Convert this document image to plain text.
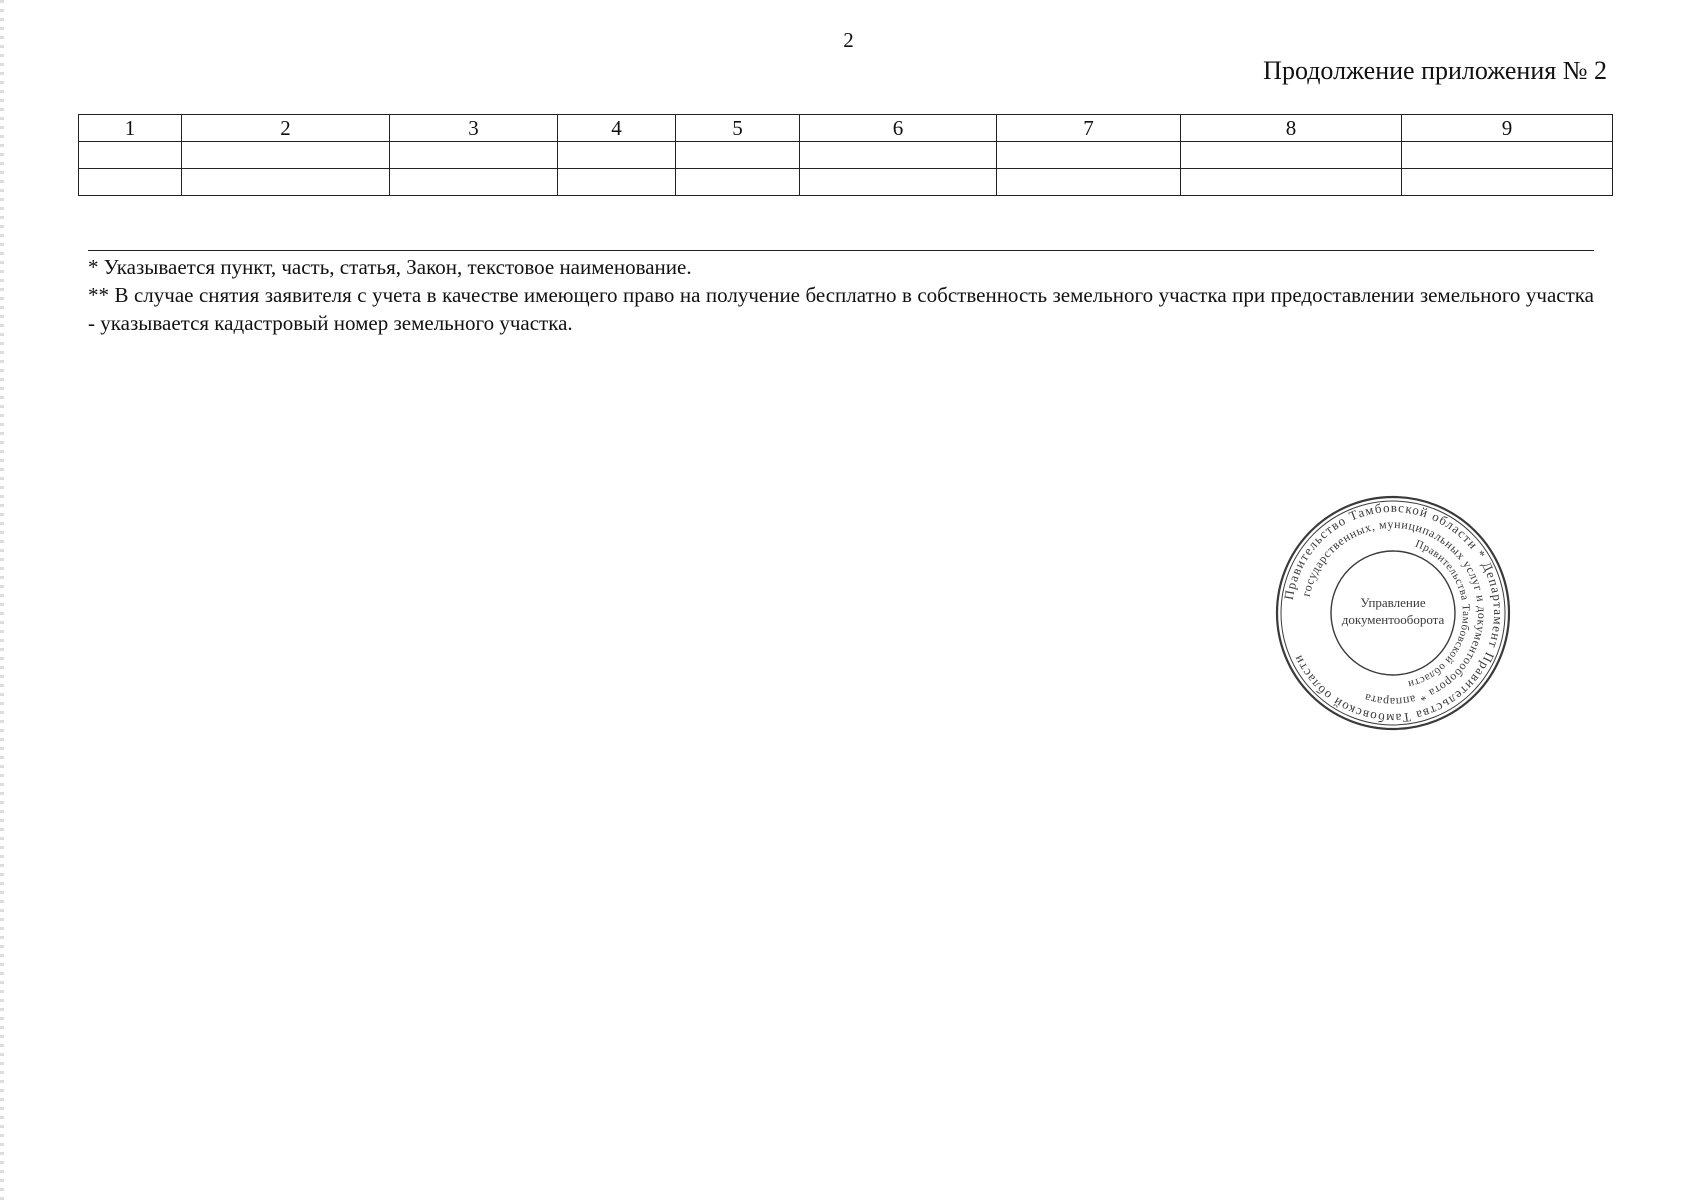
2
Продолжение приложения № 2
1	2	3	4	5	6	7	8	9

* Указывается пункт, часть, статья, Закон, текстовое наименование.

** В случае снятия заявителя с учета в качестве имеющего право на получение бесплатно в собственность земельного участка при предоставлении земельного участка - указывается кадастровый номер земельного участка.

Правительство Тамбовской области * Департамент Правительства Тамбовской области
государственных, муниципальных услуг и документооборота * аппарата
Правительства Тамбовской области
Управление
документооборота
